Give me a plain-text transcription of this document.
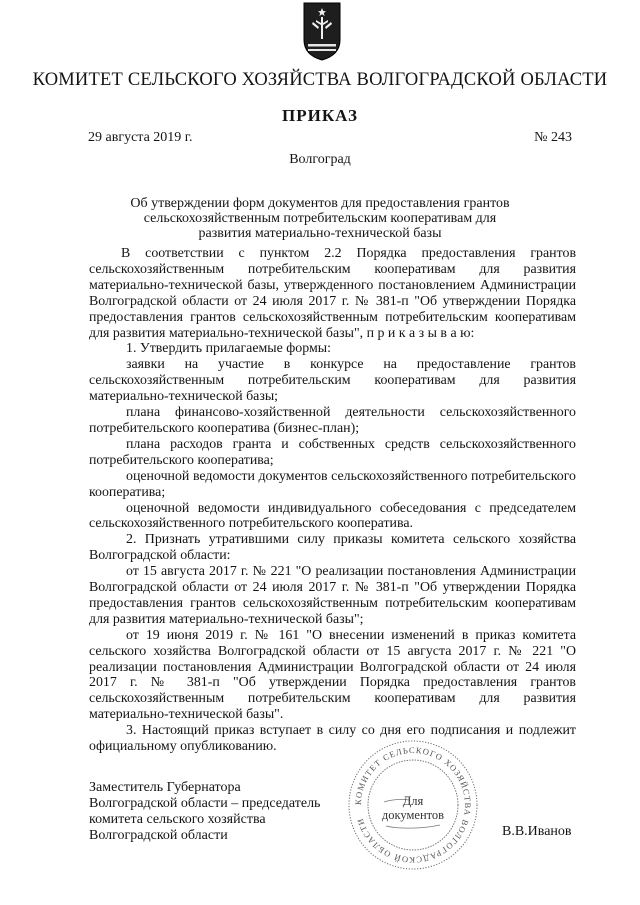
КОМИТЕТ СЕЛЬСКОГО ХОЗЯЙСТВА ВОЛГОГРАДСКОЙ ОБЛАСТИ
ПРИКАЗ
29 августа 2019 г.	№ 243
Волгоград
Об утверждении форм документов для предоставления грантов сельскохозяйственным потребительским кооперативам для развития материально-технической базы

В соответствии с пунктом 2.2 Порядка предоставления грантов сельскохозяйственным потребительским кооперативам для развития материально-технической базы, утвержденного постановлением Администрации Волгоградской области от 24 июля 2017 г. № 381-п "Об утверждении Порядка предоставления грантов сельскохозяйственным потребительским кооперативам для развития материально-технической базы", п р и к а з ы в а ю:

1. Утвердить прилагаемые формы:

заявки на участие в конкурсе на предоставление грантов сельскохозяйственным потребительским кооперативам для развития материально-технической базы;

плана финансово-хозяйственной деятельности сельскохозяйственного потребительского кооператива (бизнес-план);

плана расходов гранта и собственных средств сельскохозяйственного потребительского кооператива;

оценочной ведомости документов сельскохозяйственного потребительского кооператива;

оценочной ведомости индивидуального собеседования с председателем сельскохозяйственного потребительского кооператива.

2. Признать утратившими силу приказы комитета сельского хозяйства Волгоградской области:

от 15 августа 2017 г. № 221 "О реализации постановления Администрации Волгоградской области от 24 июля 2017 г. № 381-п "Об утверждении Порядка предоставления грантов сельскохозяйственным потребительским кооперативам для развития материально-технической базы";

от 19 июня 2019 г. № 161 "О внесении изменений в приказ комитета сельского хозяйства Волгоградской области от 15 августа 2017 г. № 221 "О реализации постановления Администрации Волгоградской области от 24 июля 2017 г. № 381-п "Об утверждении Порядка предоставления грантов сельскохозяйственным потребительским кооперативам для развития материально-технической базы".

3. Настоящий приказ вступает в силу со дня его подписания и подлежит официальному опубликованию.

Заместитель Губернатора
Волгоградской области – председатель
комитета сельского хозяйства
Волгоградской области
КОМИТЕТ СЕЛЬСКОГО ХОЗЯЙСТВА ВОЛГОГРАДСКОЙ ОБЛАСТИ
Для документов
В.В.Иванов
